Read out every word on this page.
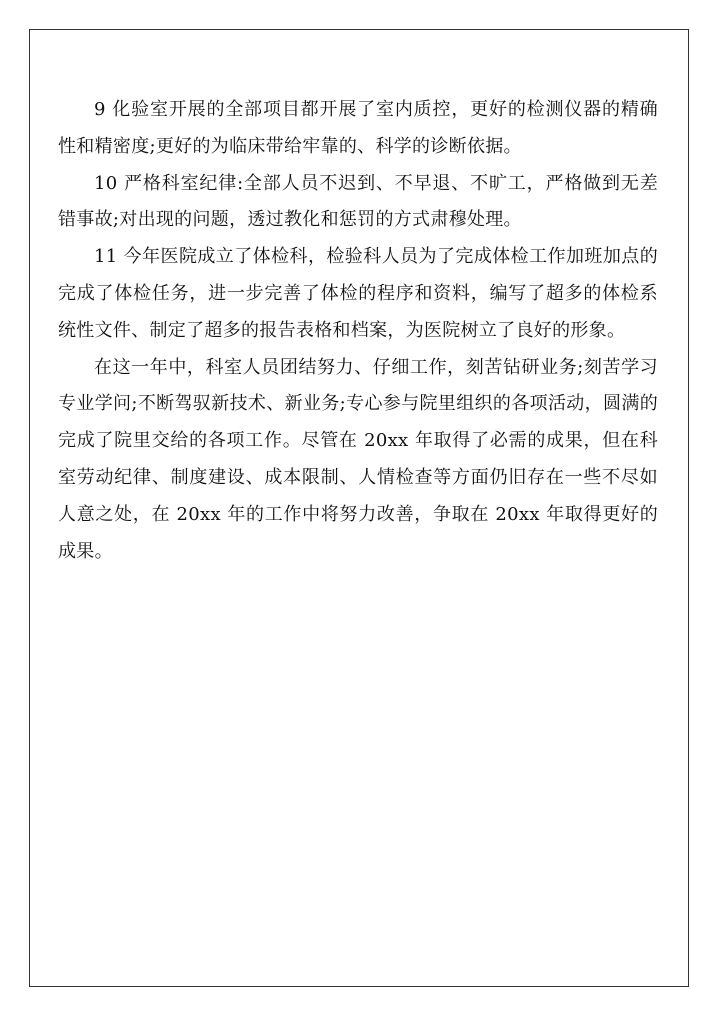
9 化验室开展的全部项目都开展了室内质控，更好的检测仪器的精确性和精密度;更好的为临床带给牢靠的、科学的诊断依据。

10 严格科室纪律:全部人员不迟到、不早退、不旷工，严格做到无差错事故;对出现的问题，透过教化和惩罚的方式肃穆处理。

11 今年医院成立了体检科，检验科人员为了完成体检工作加班加点的完成了体检任务，进一步完善了体检的程序和资料，编写了超多的体检系统性文件、制定了超多的报告表格和档案，为医院树立了良好的形象。

在这一年中，科室人员团结努力、仔细工作，刻苦钻研业务;刻苦学习专业学问;不断驾驭新技术、新业务;专心参与院里组织的各项活动，圆满的完成了院里交给的各项工作。尽管在 20xx 年取得了必需的成果，但在科室劳动纪律、制度建设、成本限制、人情检查等方面仍旧存在一些不尽如人意之处，在 20xx 年的工作中将努力改善，争取在 20xx 年取得更好的成果。
